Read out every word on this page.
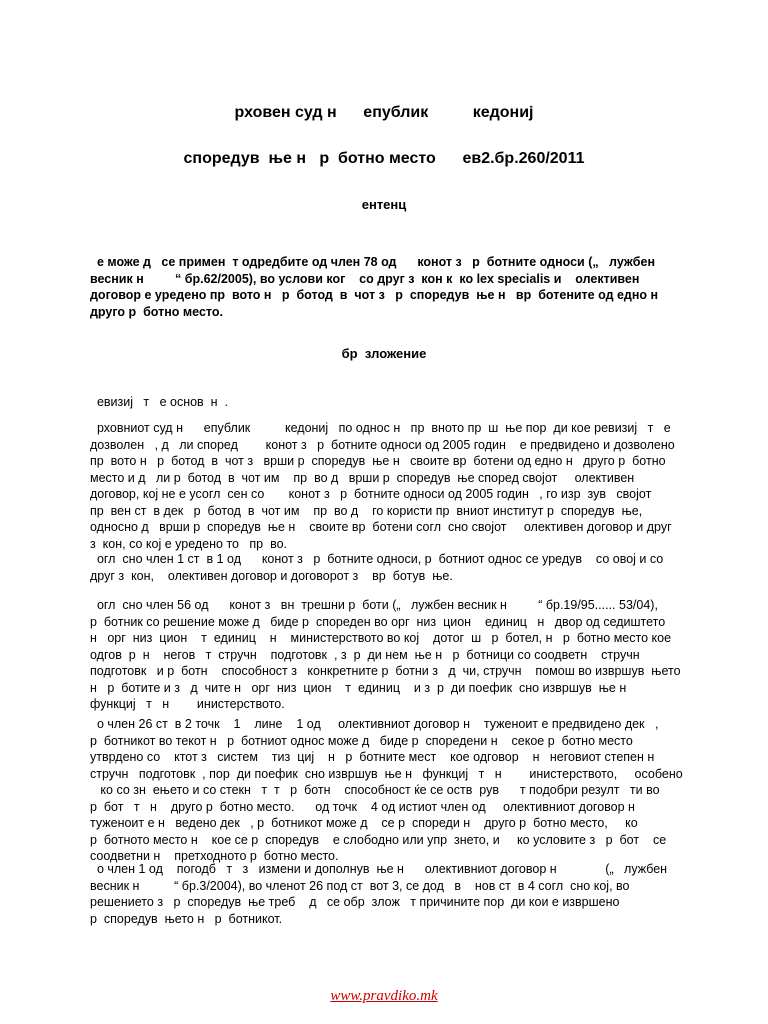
рховен суд н      епублик          кедониј
споредув  ње н   р  ботно место      ев2.бр.260/2011
ентенц
е може д   се примен  т одредбите од член 78 од      конот з   р  ботните односи („   лужбен
весник н         “ бр.62/2005), во услови ког    со друг з  кон к  ко lex specialis и    олективен
договор е уредено пр  вото н   р  ботод  в  чот з   р  споредув  ње н   вр  ботените од едно н
друго р  ботно место.
бр  зложение
евизиј   т   е основ  н  .
рховниот суд н      епублик          кедониј   по однос н   пр  вното пр  ш  ње пор  ди кое ревизиј   т   е
дозволен   , д   ли според        конот з   р  ботните односи од 2005 годин    е предвидено и дозволено
пр  вото н   р  ботод  в  чот з   врши р  споредув  ње н   своите вр  ботени од едно н   друго р  ботно
место и д   ли р  ботод  в  чот им    пр  во д   врши р  споредув  ње според својот     олективен
договор, кој не е усогл  сен со       конот з   р  ботните односи од 2005 годин   , го изр  зув   својот
пр  вен ст  в дек   р  ботод  в  чот им    пр  во д    го користи пр  вниот институт р  споредув  ње,
односно д   врши р  споредув  ње н    своите вр  ботени согл  сно својот     олективен договор и друг
з  кон, со кој е уредено то   пр  во.
огл  сно член 1 ст  в 1 од      конот з   р  ботните односи, р  ботниот однос се уредув    со овој и со
друг з  кон,    олективен договор и договорот з    вр  ботув  ње.
огл  сно член 56 од      конот з   вн  трешни р  боти („   лужбен весник н         “ бр.19/95...... 53/04),
р  ботник со решение може д   биде р  спореден во орг  низ  цион    единиц   н   двор од седиштето
н   орг  низ  цион    т  единиц    н    министерството во кој    дотог  ш   р  ботел, н   р  ботно место кое
одгов  р  н    негов   т  стручн    подготовк  , з  р  ди нем  ње н   р  ботници со соодветн    стручн
подготовк   и р  ботн    способност з   конкретните р  ботни з   д  чи, стручн    помош во извршув  њето
н   р  ботите и з   д  чите н   орг  низ  цион    т  единиц    и з  р  ди поефик  сно извршув  ње н
функциј   т   н        инистерството.
о член 26 ст  в 2 точк    1    лине    1 од     олективниот договор н    туженоит е предвидено дек   ,
р  ботникот во текот н   р  ботниот однос може д   биде р  споредени н    секое р  ботно место
утврдено со    ктот з   систем    тиз  циј    н   р  ботните мест    кое одговор    н   неговиот степен н
стручн   подготовк  , пор  ди поефик  сно извршув  ње н   функциј   т   н        инистерството,     особено
ко со зн  ењето и со стекн   т  т   р  ботн    способност ќе се оств  рув      т подобри резулт   ти во
р  бот   т   н    друго р  ботно место.      од точк    4 од истиот член од     олективниот договор н
туженоит е н   ведено дек   , р  ботникот може д    се р  спореди н    друго р  ботно место,     ко
р  ботното место н    кое се р  споредув    е слободно или упр  знето, и     ко условите з   р  бот    се
соодветни н    претходното р  ботно место.
о член 1 од    погодб   т   з   измени и дополнув  ње н      олективниот договор н              („   лужбен
весник н          “ бр.3/2004), во членот 26 под ст  вот 3, се дод   в    нов ст  в 4 согл  сно кој, во
решението з   р  споредув  ње треб    д   се обр  злож   т причините пор  ди кои е извршено
р  споредув  њето н   р  ботникот.
www.pravdiko.mk
